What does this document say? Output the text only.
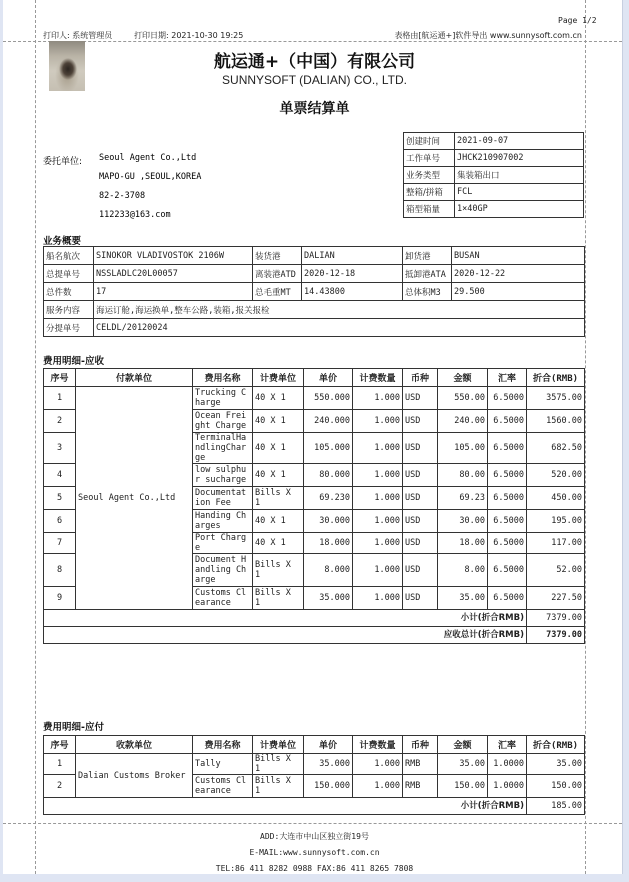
Page 1/2
打印人: 系统管理员	打印日期: 2021-10-30 19:25	表格由[航运通+]软件导出 www.sunnysoft.com.cn
航运通+（中国）有限公司
SUNNYSOFT (DALIAN) CO., LTD.
单票结算单
委托单位: Seoul Agent Co.,Ltd
MAPO-GU ,SEOUL,KOREA
82-2-3708
112233@163.com
创建时间	2021-09-07
工作单号	JHCK210907002
业务类型	集装箱出口
整箱/拼箱	FCL
箱型箱量	1×40GP
业务概要
船名航次	SINOKOR VLADIVOSTOK 2106W	装货港	DALIAN	卸货港	BUSAN
总提单号	NSSLADLC20L00057	离装港ATD	2020-12-18	抵卸港ATA	2020-12-22
总件数	17	总毛重MT	14.43800	总体积M3	29.500
服务内容	海运订舱,海运换单,整车公路,装箱,报关报检				
分提单号	CELDL/20120024				
费用明细-应收
序号	付款单位	费用名称	计费单位	单价	计费数量	币种	金额	汇率	折合(RMB)
1	Seoul Agent Co.,Ltd	Trucking Charge	40 X 1	550.000	1.000	USD	550.00	6.5000	3575.00
2		Ocean Freight Charge	40 X 1	240.000	1.000	USD	240.00	6.5000	1560.00
3		TerminalHandlingCharge	40 X 1	105.000	1.000	USD	105.00	6.5000	682.50
4		low sulphur sucharge	40 X 1	80.000	1.000	USD	80.00	6.5000	520.00
5		Documentation Fee	Bills X 1	69.230	1.000	USD	69.23	6.5000	450.00
6		Handing Charges	40 X 1	30.000	1.000	USD	30.00	6.5000	195.00
7		Port Charge	40 X 1	18.000	1.000	USD	18.00	6.5000	117.00
8		Document Handling Charge	Bills X 1	8.000	1.000	USD	8.00	6.5000	52.00
9		Customs Clearance	Bills X 1	35.000	1.000	USD	35.00	6.5000	227.50
小计(折合RMB)									7379.00
应收总计(折合RMB)									7379.00
费用明细-应付
序号	收款单位	费用名称	计费单位	单价	计费数量	币种	金额	汇率	折合(RMB)
1	Dalian Customs Broker	Tally	Bills X 1	35.000	1.000	RMB	35.00	1.0000	35.00
2		Customs Clearance	Bills X 1	150.000	1.000	RMB	150.00	1.0000	150.00
小计(折合RMB)									185.00
ADD:大连市中山区独立街19号
E-MAIL:www.sunnysoft.com.cn
TEL:86 411 8282 0988 FAX:86 411 8265 7808
